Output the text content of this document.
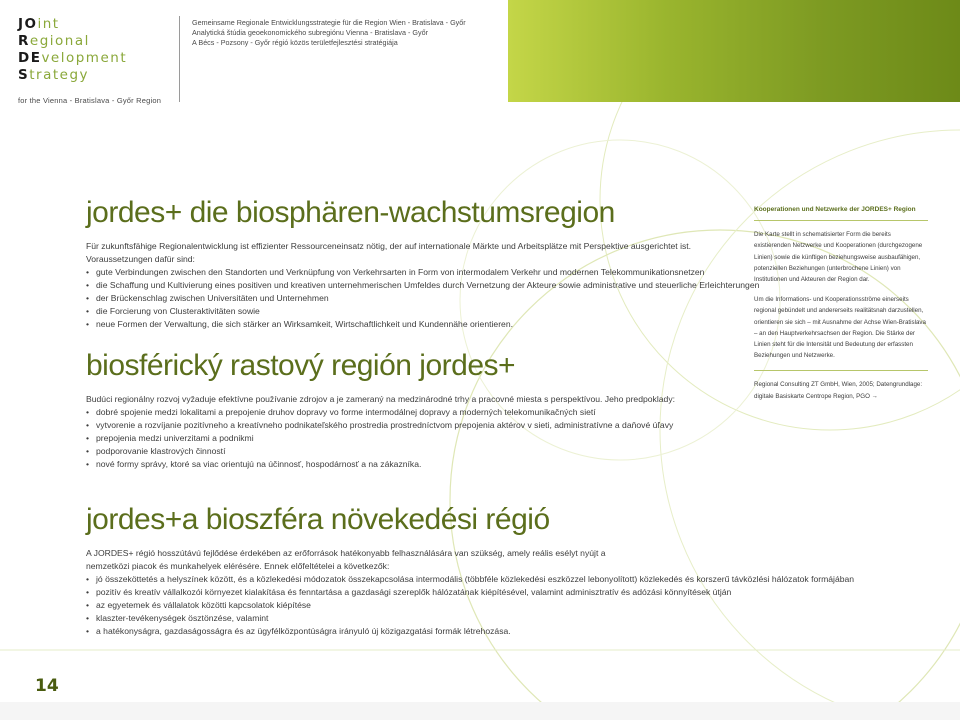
JOint
Regional
DEvelopment
Strategy
for the Vienna - Bratislava - Győr Region
Gemeinsame Regionale Entwicklungsstrategie für die Region Wien - Bratislava - Győr
Analytická štúdia geoekonomického subregiónu Vienna - Bratislava - Győr
A Bécs - Pozsony - Győr régió közös területfejlesztési stratégiája
jordes+ die biosphären-wachstumsregion

Für zukunftsfähige Regionalentwicklung ist effizienter Ressourceneinsatz nötig, der auf internationale Märkte und Arbeitsplätze mit Perspektive ausgerichtet ist. Voraussetzungen dafür sind:

• gute Verbindungen zwischen den Standorten und Verknüpfung von Verkehrsarten in Form von intermodalem Verkehr und modernen Telekommunikationsnetzen
• die Schaffung und Kultivierung eines positiven und kreativen unternehmerischen Umfeldes durch Vernetzung der Akteure sowie administrative und steuerliche Erleichterungen
• der Brückenschlag zwischen Universitäten und Unternehmen
• die Forcierung von Clusteraktivitäten sowie
• neue Formen der Verwaltung, die sich stärker an Wirksamkeit, Wirtschaftlichkeit und Kundennähe orientieren.
biosférický rastový región jordes+

Budúci regionálny rozvoj vyžaduje efektívne používanie zdrojov a je zameraný na medzinárodné trhy a pracovné miesta s perspektívou. Jeho predpoklady:

• dobré spojenie medzi lokalitami a prepojenie druhov dopravy vo forme intermodálnej dopravy a moderných telekomunikačných sietí
• vytvorenie a rozvíjanie pozitívneho a kreatívneho podnikateľského prostredia prostredníctvom prepojenia aktérov v sieti, administratívne a daňové úľavy
• prepojenia medzi univerzitami a podnikmi
• podporovanie klastrových činností
• nové formy správy, ktoré sa viac orientujú na účinnosť, hospodárnosť a na zákazníka.
jordes+a bioszféra növekedési régió

A JORDES+ régió hosszútávú fejlődése érdekében az erőforrások hatékonyabb felhasználására van szükség, amely reális esélyt nyújt a nemzetközi piacok és munkahelyek elérésére. Ennek előfeltételei a következők:

• jó összeköttetés a helyszínek között, és a közlekedési módozatok összekapcsolása intermodális (többféle közlekedési eszközzel lebonyolított) közlekedés és korszerű távközlési hálózatok formájában
• pozitív és kreatív vállalkozói környezet kialakítása és fenntartása a gazdasági szereplők hálózatának kiépítésével, valamint adminisztratív és adózási könnyítések útján
• az egyetemek és vállalatok közötti kapcsolatok kiépítése
• klaszter-tevékenységek ösztönzése, valamint
• a hatékonyságra, gazdaságosságra és az ügyfélközpontúságra irányuló új közigazgatási formák létrehozása.
Kooperationen und Netzwerke der JORDES+ Region
Die Karte stellt in schematisierter Form die bereits existierenden Netzwerke und Kooperationen (durchgezogene Linien) sowie die künftigen beziehungsweise ausbaufähigen, potenziellen Beziehungen (unterbrochene Linien) von Institutionen und Akteuren der Region dar.
Um die Informations- und Kooperationsströme einerseits regional gebündelt und andererseits realitätsnah darzustellen, orientieren sie sich – mit Ausnahme der Achse Wien-Bratislava – an den Hauptverkehrsachsen der Region. Die Stärke der Linien steht für die Intensität und Bedeutung der erfassten Beziehungen und Netzwerke.
Regional Consulting ZT GmbH, Wien, 2005; Datengrundlage: digitale Basiskarte Centrope Region, PGO →
14
